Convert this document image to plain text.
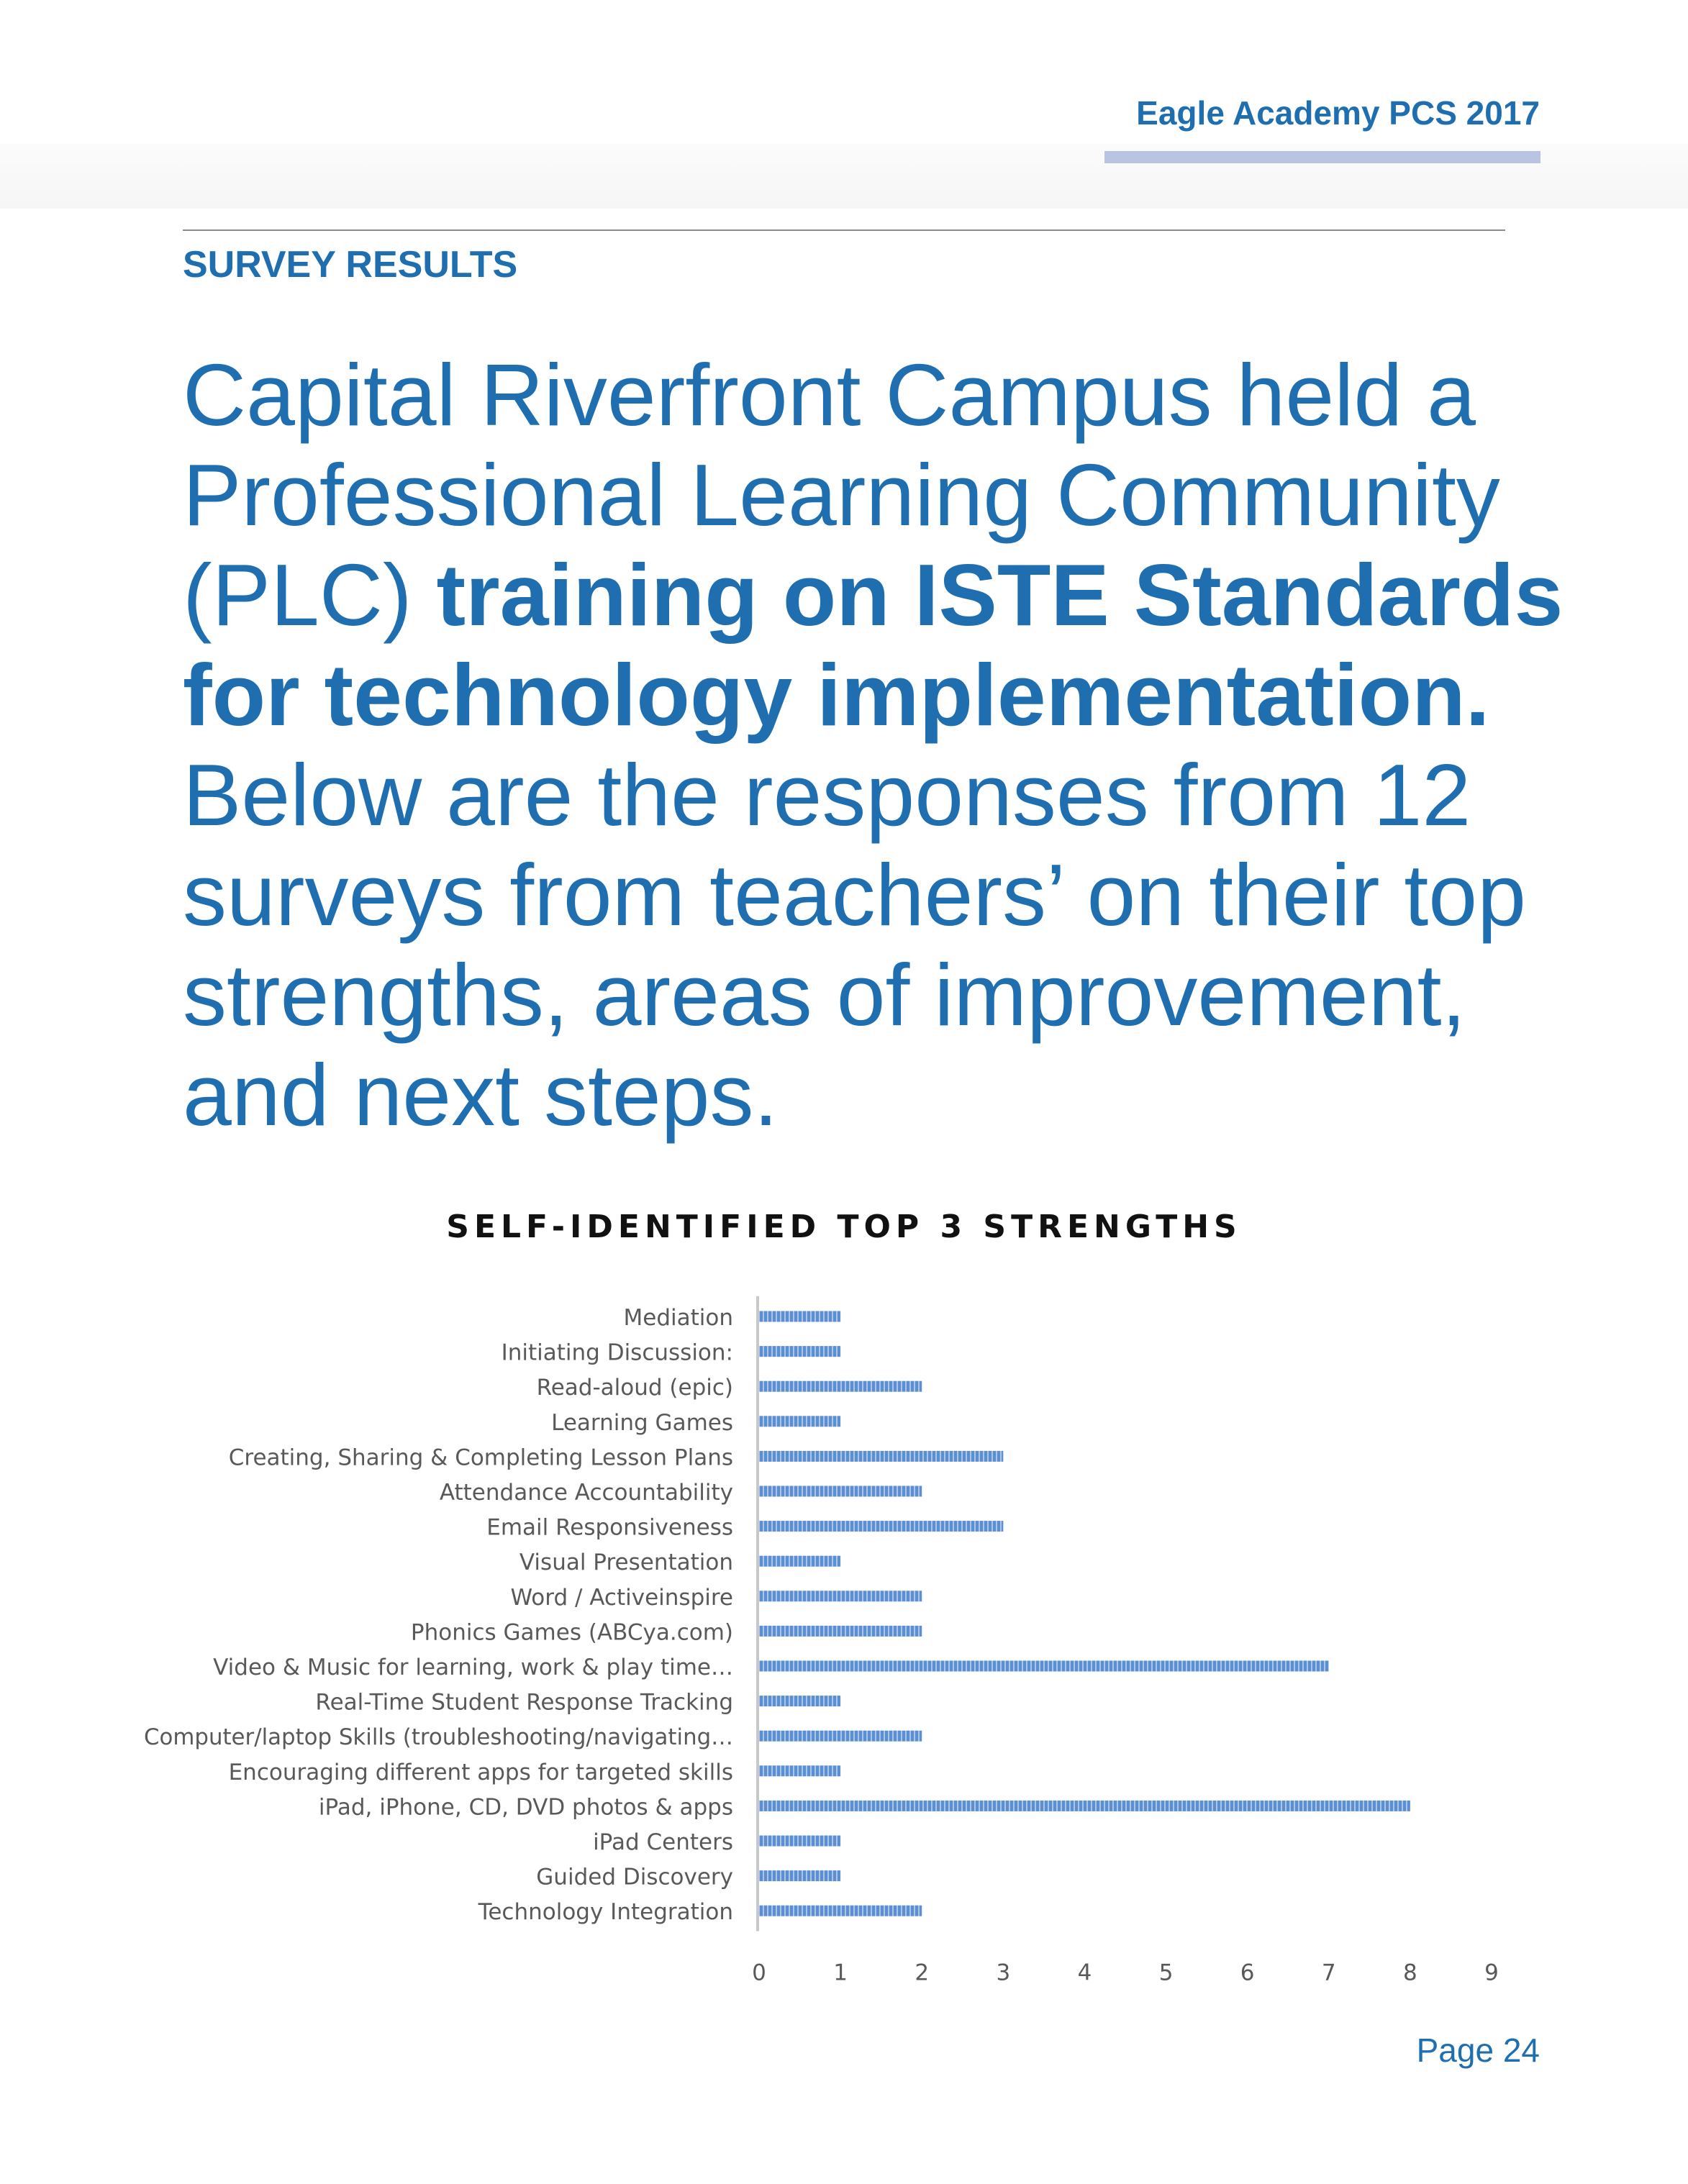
Eagle Academy PCS 2017
SURVEY RESULTS
Capital Riverfront Campus held a
Professional Learning Community
(PLC) training on ISTE Standards
for technology implementation.
Below are the responses from 12
surveys from teachers’ on their top
strengths, areas of improvement,
and next steps.
SELF-IDENTIFIED TOP 3 STRENGTHS
Mediation
Initiating Discussion:
Read-aloud (epic)
Learning Games
Creating, Sharing & Completing Lesson Plans
Attendance Accountability
Email Responsiveness
Visual Presentation
Word / Activeinspire
Phonics Games (ABCya.com)
Video & Music for learning, work & play time…
Real-Time Student Response Tracking
Computer/laptop Skills (troubleshooting/navigating…
Encouraging different apps for targeted skills
iPad, iPhone, CD, DVD photos & apps
iPad Centers
Guided Discovery
Technology Integration
0	1	2	3	4	5	6	7	8	9
Page 24
